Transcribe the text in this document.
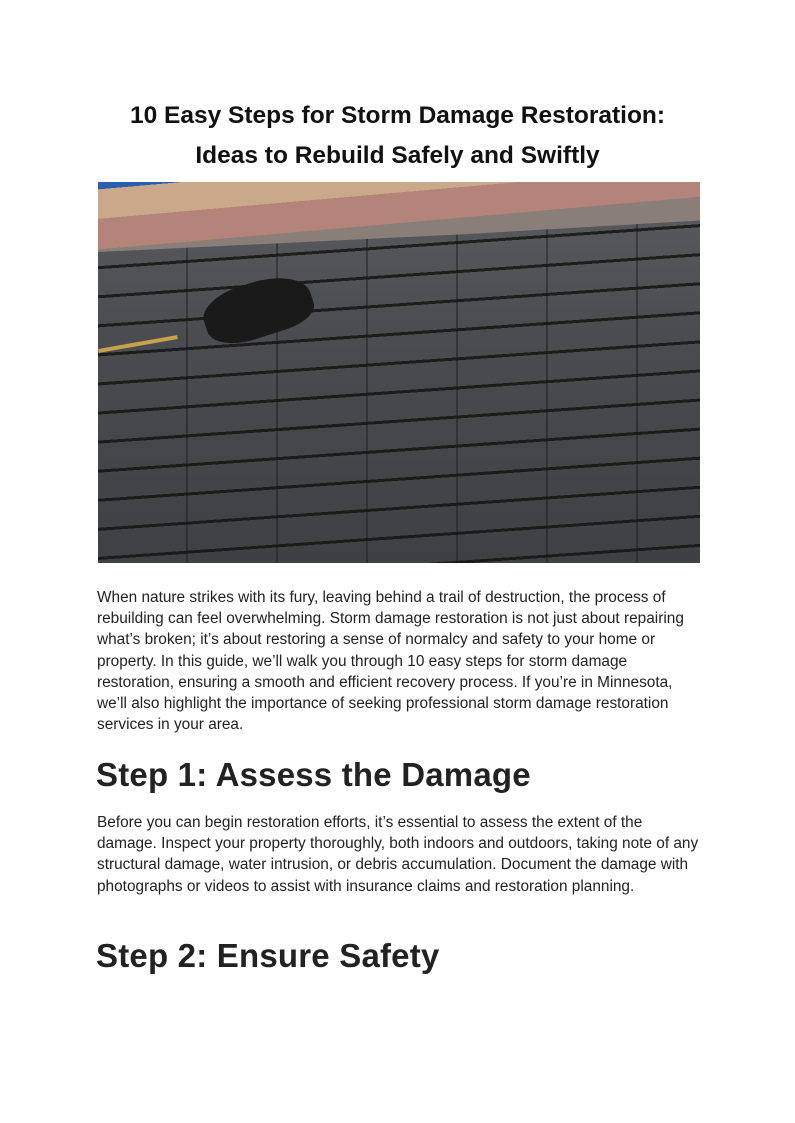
10 Easy Steps for Storm Damage Restoration:
Ideas to Rebuild Safely and Swiftly

When nature strikes with its fury, leaving behind a trail of destruction, the process of rebuilding can feel overwhelming. Storm damage restoration is not just about repairing what’s broken; it’s about restoring a sense of normalcy and safety to your home or property. In this guide, we’ll walk you through 10 easy steps for storm damage restoration, ensuring a smooth and efficient recovery process. If you’re in Minnesota, we’ll also highlight the importance of seeking professional storm damage restoration services in your area.

Step 1: Assess the Damage

Before you can begin restoration efforts, it’s essential to assess the extent of the damage. Inspect your property thoroughly, both indoors and outdoors, taking note of any structural damage, water intrusion, or debris accumulation. Document the damage with photographs or videos to assist with insurance claims and restoration planning.

Step 2: Ensure Safety
